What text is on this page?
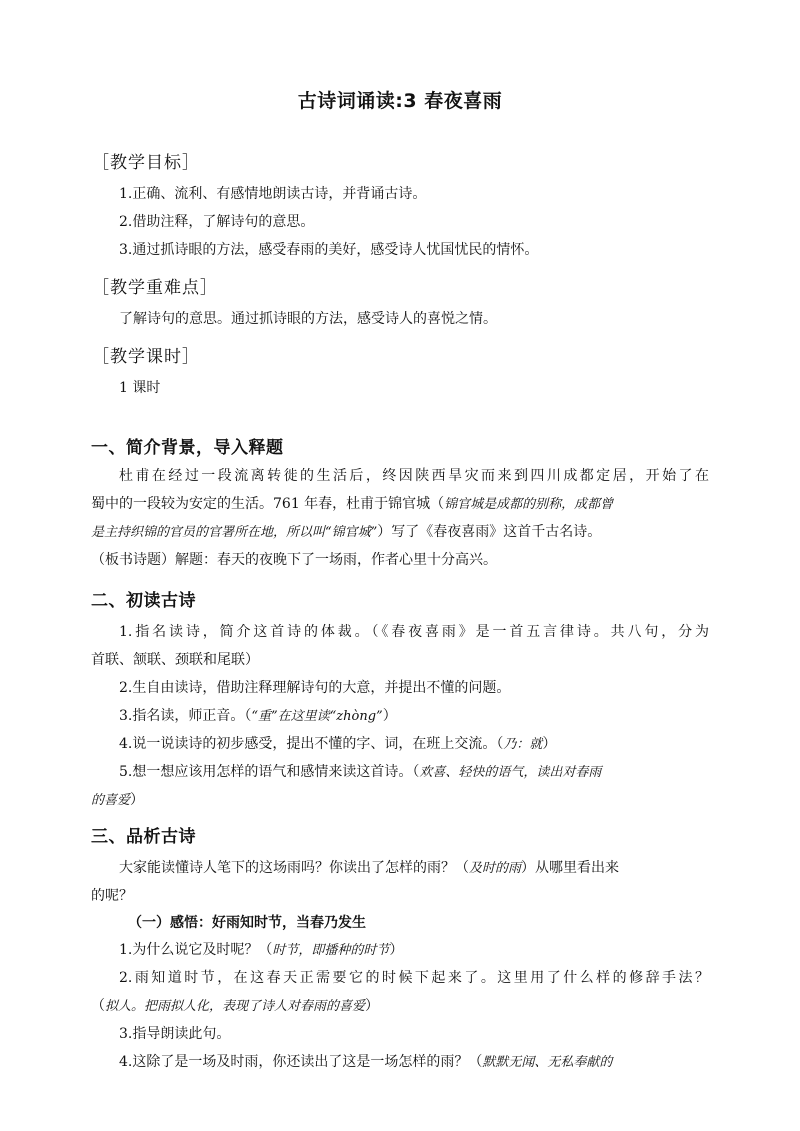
古诗词诵读:3 春夜喜雨
［教学目标］
1.正确、流利、有感情地朗读古诗，并背诵古诗。
2.借助注释，了解诗句的意思。
3.通过抓诗眼的方法，感受春雨的美好，感受诗人忧国忧民的情怀。
［教学重难点］
了解诗句的意思。通过抓诗眼的方法，感受诗人的喜悦之情。
［教学课时］
1 课时
一、简介背景，导入释题
杜甫在经过一段流离转徙的生活后，终因陕西旱灾而来到四川成都定居，开始了在
蜀中的一段较为安定的生活。761 年春，杜甫于锦官城（锦官城是成都的别称，成都曾
是主持织锦的官员的官署所在地，所以叫“锦官城”）写了《春夜喜雨》这首千古名诗。
（板书诗题）解题：春天的夜晚下了一场雨，作者心里十分高兴。
二、初读古诗
1.指名读诗，简介这首诗的体裁。（《春夜喜雨》是一首五言律诗。共八句，分为
首联、颔联、颈联和尾联）
2.生自由读诗，借助注释理解诗句的大意，并提出不懂的问题。
3.指名读，师正音。（“重”在这里读“zhòng”）
4.说一说读诗的初步感受，提出不懂的字、词，在班上交流。（乃：就）
5.想一想应该用怎样的语气和感情来读这首诗。（欢喜、轻快的语气，读出对春雨
的喜爱）
三、品析古诗
大家能读懂诗人笔下的这场雨吗？你读出了怎样的雨？（及时的雨）从哪里看出来
的呢？
（一）感悟：好雨知时节，当春乃发生
1.为什么说它及时呢？（时节，即播种的时节）
2.雨知道时节，在这春天正需要它的时候下起来了。这里用了什么样的修辞手法？
（拟人。把雨拟人化，表现了诗人对春雨的喜爱）
3.指导朗读此句。
4.这除了是一场及时雨，你还读出了这是一场怎样的雨？（默默无闻、无私奉献的
